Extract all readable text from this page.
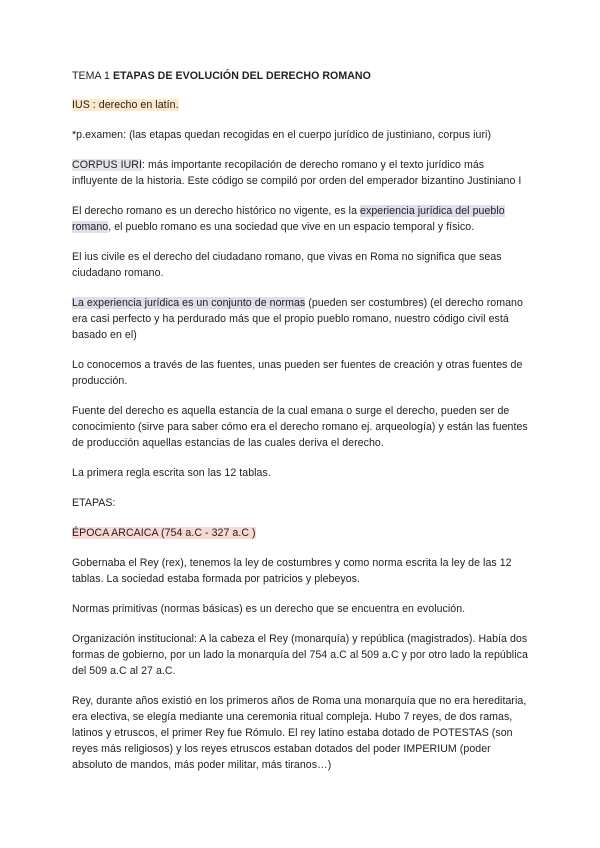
TEMA 1 ETAPAS DE EVOLUCIÓN DEL DERECHO ROMANO

IUS : derecho en latín.

*p.examen: (las etapas quedan recogidas en el cuerpo jurídico de justiniano, corpus iuri)

CORPUS IURI: más importante recopilación de derecho romano y el texto jurídico más influyente de la historia. Este código se compiló por orden del emperador bizantino Justiniano I

El derecho romano es un derecho histórico no vigente, es la experiencia jurídica del pueblo romano, el pueblo romano es una sociedad que vive en un espacio temporal y físico.

El ius civile es el derecho del ciudadano romano, que vivas en Roma no significa que seas ciudadano romano.

La experiencia jurídica es un conjunto de normas (pueden ser costumbres) (el derecho romano era casi perfecto y ha perdurado más que el propio pueblo romano, nuestro código civil está basado en el)

Lo conocemos a través de las fuentes, unas pueden ser fuentes de creación y otras fuentes de producción.

Fuente del derecho es aquella estancia de la cual emana o surge el derecho, pueden ser de conocimiento (sirve para saber cómo era el derecho romano ej. arqueología) y están las fuentes de producción aquellas estancias de las cuales deriva el derecho.

La primera regla escrita son las 12 tablas.

ETAPAS:

ÉPOCA ARCAICA (754 a.C - 327 a.C )

Gobernaba el Rey (rex), tenemos la ley de costumbres y como norma escrita la ley de las 12 tablas. La sociedad estaba formada por patricios y plebeyos.

Normas primitivas (normas básicas) es un derecho que se encuentra en evolución.

Organización institucional: A la cabeza el Rey (monarquía) y república (magistrados). Había dos formas de gobierno, por un lado la monarquía del 754 a.C al 509 a.C y por otro lado la república del 509 a.C al 27 a.C.

Rey, durante años existió en los primeros años de Roma una monarquía que no era hereditaria, era electiva, se elegía mediante una ceremonia ritual compleja. Hubo 7 reyes, de dos ramas, latinos y etruscos, el primer Rey fue Rómulo. El rey latino estaba dotado de POTESTAS (son reyes más religiosos) y los reyes etruscos estaban dotados del poder IMPERIUM (poder absoluto de mandos, más poder militar, más tiranos…)
